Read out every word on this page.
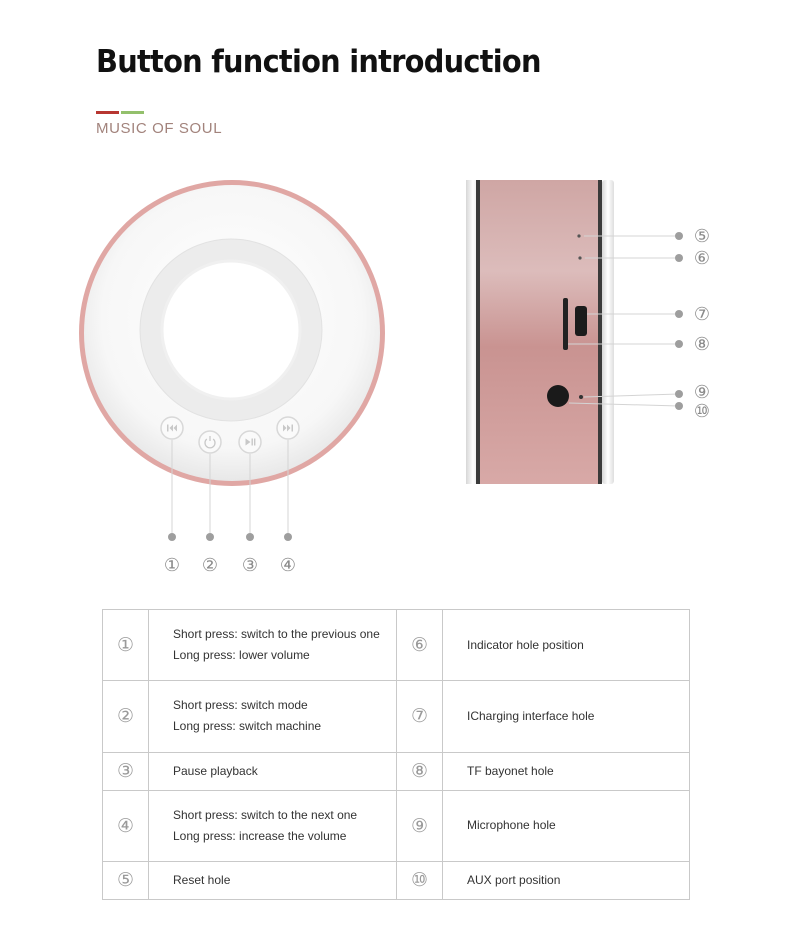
Button function introduction
MUSIC OF SOUL
① ② ③ ④
⑤
⑥
⑦
⑧
⑨
⑩
①	Short press: switch to the previous one
Long press: lower volume	⑥	Indicator hole position

②	Short press: switch mode
Long press: switch machine	⑦	ICharging interface hole

③	Pause playback	⑧	TF bayonet hole

④	Short press: switch to the next one
Long press: increase the volume	⑨	Microphone hole

⑤	Reset hole	⑩	AUX port position
